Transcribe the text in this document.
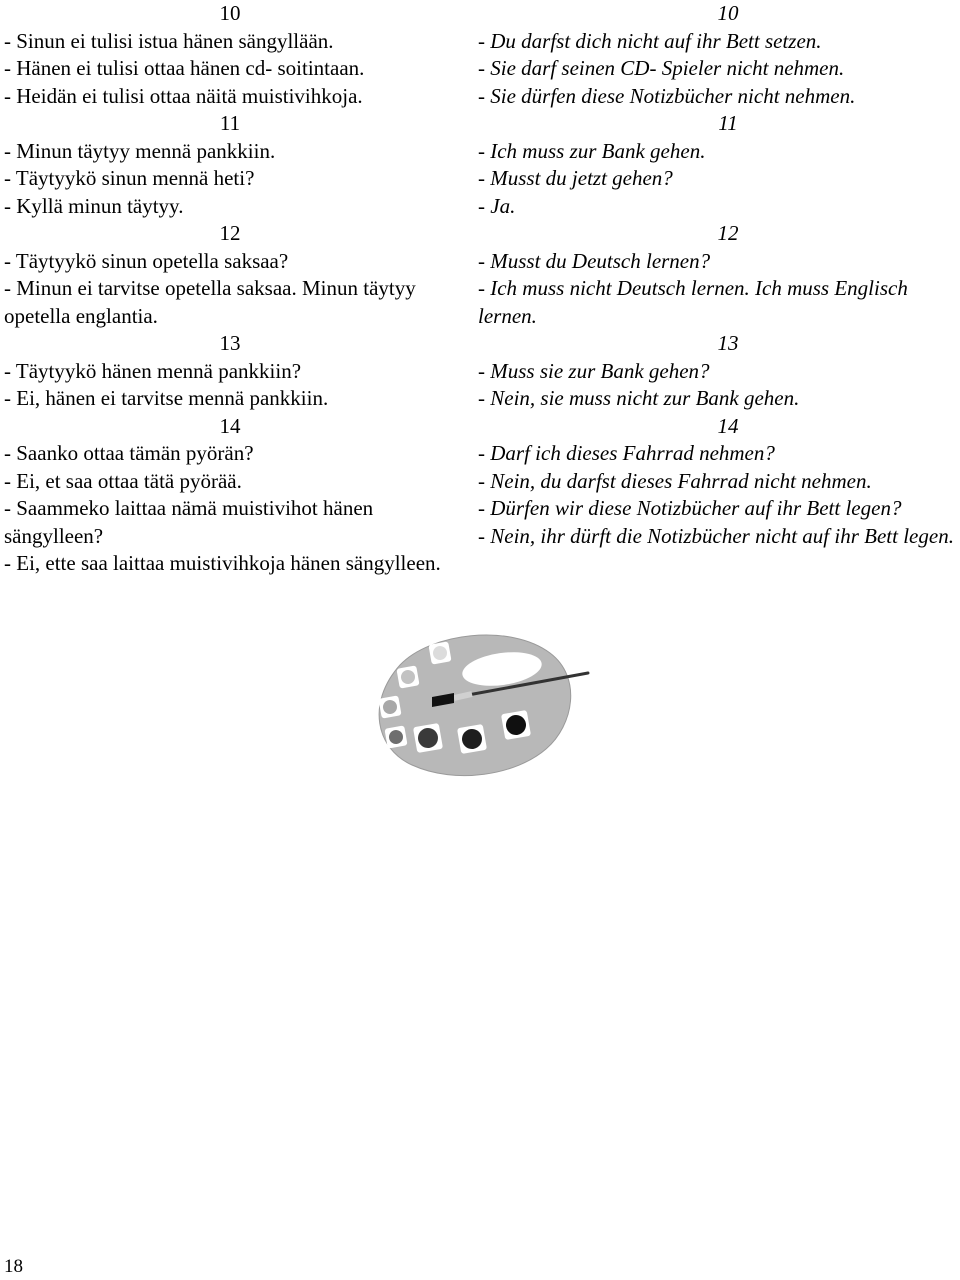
10
- Sinun ei tulisi istua hänen sängyllään.
- Hänen ei tulisi ottaa hänen cd- soitintaan.
- Heidän ei tulisi ottaa näitä muistivihkoja.
11
- Minun täytyy mennä pankkiin.
- Täytyykö sinun mennä heti?
- Kyllä minun täytyy.
12
- Täytyykö sinun opetella saksaa?
- Minun ei tarvitse opetella saksaa. Minun täytyy opetella englantia.
13
- Täytyykö hänen mennä pankkiin?
- Ei, hänen ei tarvitse mennä pankkiin.
14
- Saanko ottaa tämän pyörän?
- Ei, et saa ottaa tätä pyörää.
- Saammeko laittaa nämä muistivihot hänen sängylleen?
- Ei, ette saa laittaa muistivihkoja hänen sängylleen.
10
- Du darfst dich nicht auf ihr Bett setzen.
- Sie darf seinen CD- Spieler nicht nehmen.
- Sie dürfen diese Notizbücher nicht nehmen.
11
- Ich muss zur Bank gehen.
- Musst du jetzt gehen?
- Ja.
12
- Musst du Deutsch lernen?
- Ich muss nicht Deutsch lernen. Ich muss Englisch lernen.
13
- Muss sie zur Bank gehen?
- Nein, sie muss nicht zur Bank gehen.
14
- Darf ich dieses Fahrrad nehmen?
- Nein, du darfst dieses Fahrrad nicht nehmen.
- Dürfen wir diese Notizbücher auf ihr Bett legen?
- Nein, ihr dürft die Notizbücher nicht auf ihr Bett legen.
18
